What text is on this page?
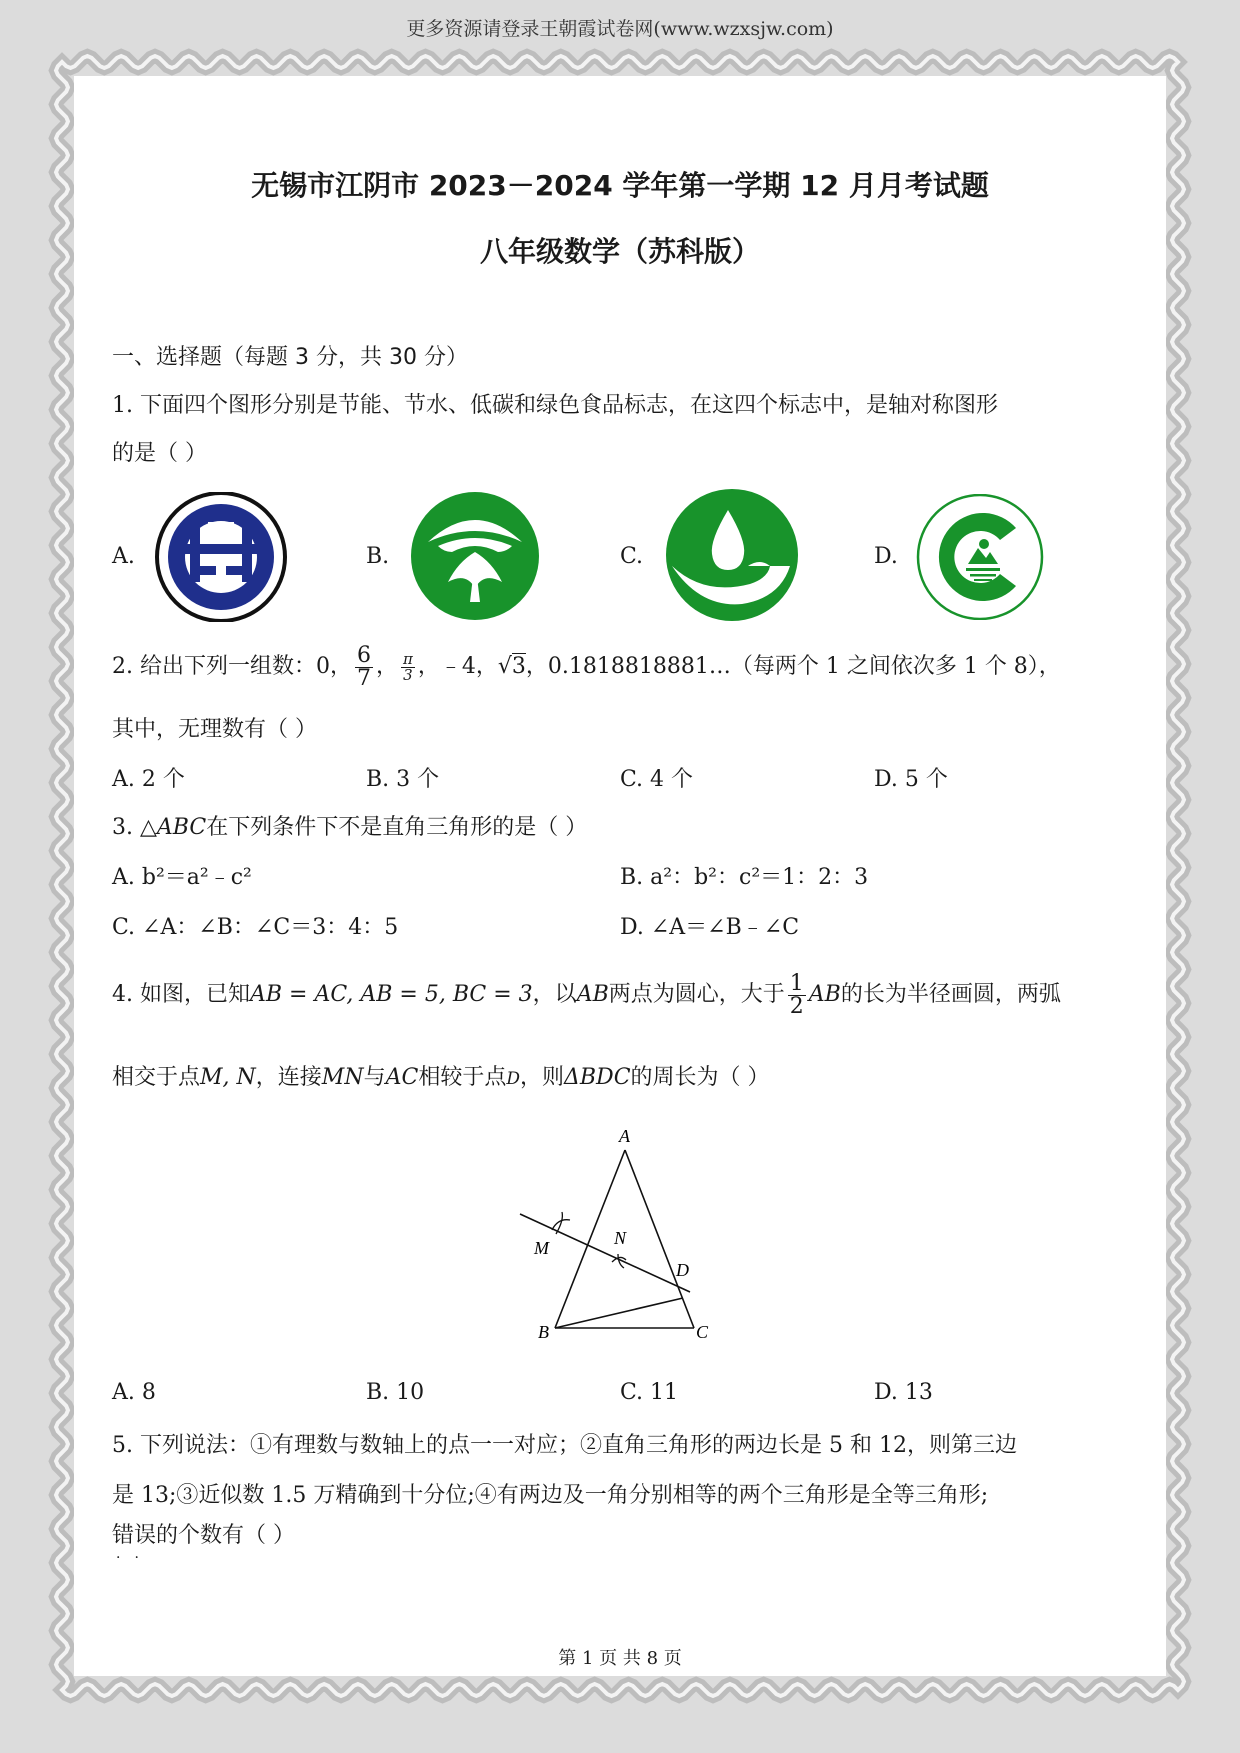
更多资源请登录王朝霞试卷网(www.wzxsjw.com)
无锡市江阴市 2023－2024 学年第一学期 12 月月考试题
八年级数学（苏科版）
一、选择题（每题 3 分，共 30 分）
1. 下面四个图形分别是节能、节水、低碳和绿色食品标志，在这四个标志中，是轴对称图形
的是（ ）
A.	B.	C.	D.
2. 给出下列一组数：0， $\frac{6}{7}$ ， $\frac{\pi}{3}$ ，﹣4，√3，0.1818818881…（每两个 1 之间依次多 1 个 8），
其中，无理数有（ ）
A. 2 个	B. 3 个	C. 4 个	D. 5 个
3. △ABC在下列条件下不是直角三角形的是（ ）
A. b²＝a²﹣c²	B. a²：b²：c²＝1：2：3
C. ∠A：∠B：∠C＝3：4：5	D. ∠A＝∠B﹣∠C
4. 如图，已知AB = AC, AB = 5, BC = 3，以AB两点为圆心，大于 $\frac{1}{2}$ AB的长为半径画圆，两弧
相交于点M, N，连接MN与AC相较于点D，则ΔBDC的周长为（ ）
A
N
M
D
B	C
A. 8	B. 10	C. 11	D. 13
5. 下列说法：①有理数与数轴上的点一一对应；②直角三角形的两边长是 5 和 12，则第三边
是 13;③近似数 1.5 万精确到十分位;④有两边及一角分别相等的两个三角形是全等三角形;
错误的个数有（ ）
··
第 1 页 共 8 页
